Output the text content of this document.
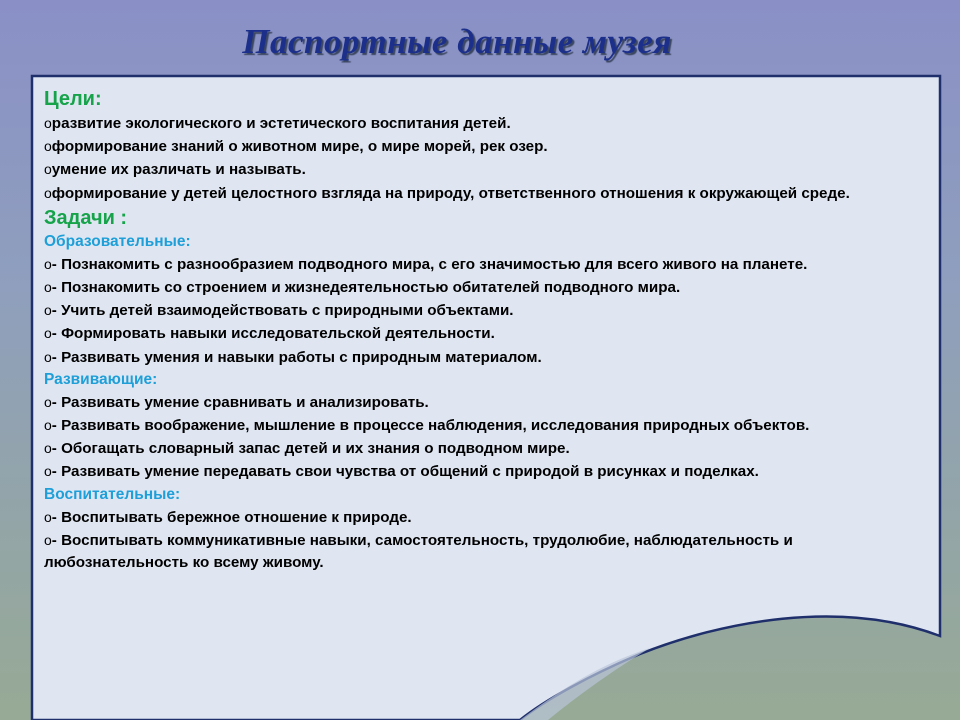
Паспортные данные музея

Цели:

oразвитие экологического и эстетического воспитания детей.

oформирование знаний о животном мире, о мире морей, рек озер.

oумение их различать и называть.

oформирование у детей целостного взгляда на природу, ответственного отношения к окружающей среде.

Задачи :

Образовательные:

o- Познакомить с разнообразием подводного мира, с его значимостью для всего живого на планете.

o- Познакомить со строением и жизнедеятельностью обитателей подводного мира.

o- Учить детей взаимодействовать с природными объектами.

o- Формировать навыки исследовательской деятельности.

o- Развивать умения и навыки работы с природным материалом.

Развивающие:

o- Развивать умение сравнивать и анализировать.

o- Развивать воображение, мышление в процессе наблюдения, исследования природных объектов.

o- Обогащать словарный запас детей и их знания о подводном мире.

o- Развивать умение передавать свои чувства от общений с природой в рисунках и поделках.

Воспитательные:

o- Воспитывать бережное отношение к природе.

o- Воспитывать коммуникативные навыки, самостоятельность, трудолюбие, наблюдательность и любознательность ко всему живому.
